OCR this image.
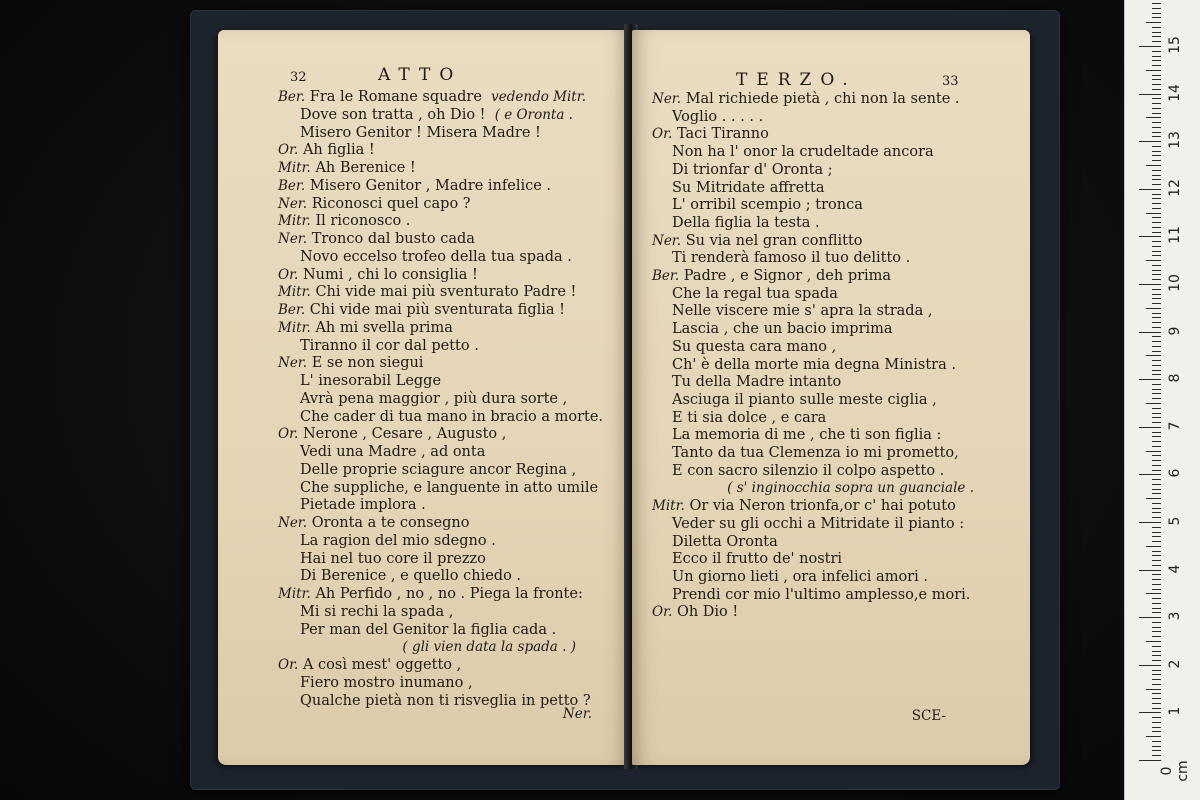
32	ATTO
Ber. Fra le Romane squadre vedendo Mitr.
Dove son tratta , oh Dio ! ( e Oronta .
Misero Genitor ! Misera Madre !
Or. Ah figlia !
Mitr. Ah Berenice !
Ber. Misero Genitor , Madre infelice .
Ner. Riconosci quel capo ?
Mitr. Il riconosco .
Ner. Tronco dal busto cada
Novo eccelso trofeo della tua spada .
Or. Numi , chi lo consiglia !
Mitr. Chi vide mai più sventurato Padre !
Ber. Chi vide mai più sventurata figlia !
Mitr. Ah mi svella prima
Tiranno il cor dal petto .
Ner. E se non siegui
L' inesorabil Legge
Avrà pena maggior , più dura sorte ,
Che cader di tua mano in bracio a morte.
Or. Nerone , Cesare , Augusto ,
Vedi una Madre , ad onta
Delle proprie sciagure ancor Regina ,
Che suppliche, e languente in atto umile
Pietade implora .
Ner. Oronta a te consegno
La ragion del mio sdegno .
Hai nel tuo core il prezzo
Di Berenice , e quello chiedo .
Mitr. Ah Perfido , no , no . Piega la fronte:
Mi si rechi la spada ,
Per man del Genitor la figlia cada .
( gli vien data la spada . )
Or. A così mest' oggetto ,
Fiero mostro inumano ,
Qualche pietà non ti risveglia in petto ?
Ner.
TERZO.	33
Ner. Mal richiede pietà , chi non la sente .
Voglio . . . . .
Or. Taci Tiranno
Non ha l' onor la crudeltade ancora
Di trionfar d' Oronta ;
Su Mitridate affretta
L' orribil scempio ; tronca
Della figlia la testa .
Ner. Su via nel gran conflitto
Ti renderà famoso il tuo delitto .
Ber. Padre , e Signor , deh prima
Che la regal tua spada
Nelle viscere mie s' apra la strada ,
Lascia , che un bacio imprima
Su questa cara mano ,
Ch' è della morte mia degna Ministra .
Tu della Madre intanto
Asciuga il pianto sulle meste ciglia ,
E ti sia dolce , e cara
La memoria di me , che ti son figlia :
Tanto da tua Clemenza io mi prometto,
E con sacro silenzio il colpo aspetto .
( s' inginocchia sopra un guanciale .
Mitr. Or via Neron trionfa,or c' hai potuto
Veder su gli occhi a Mitridate il pianto :
Diletta Oronta
Ecco il frutto de' nostri
Un giorno lieti , ora infelici amori .
Prendi cor mio l'ultimo amplesso,e mori.
Or. Oh Dio !
SCE-
0 cm
1
2
3
4
5
6
7
8
9
10
11
12
13
14
15
